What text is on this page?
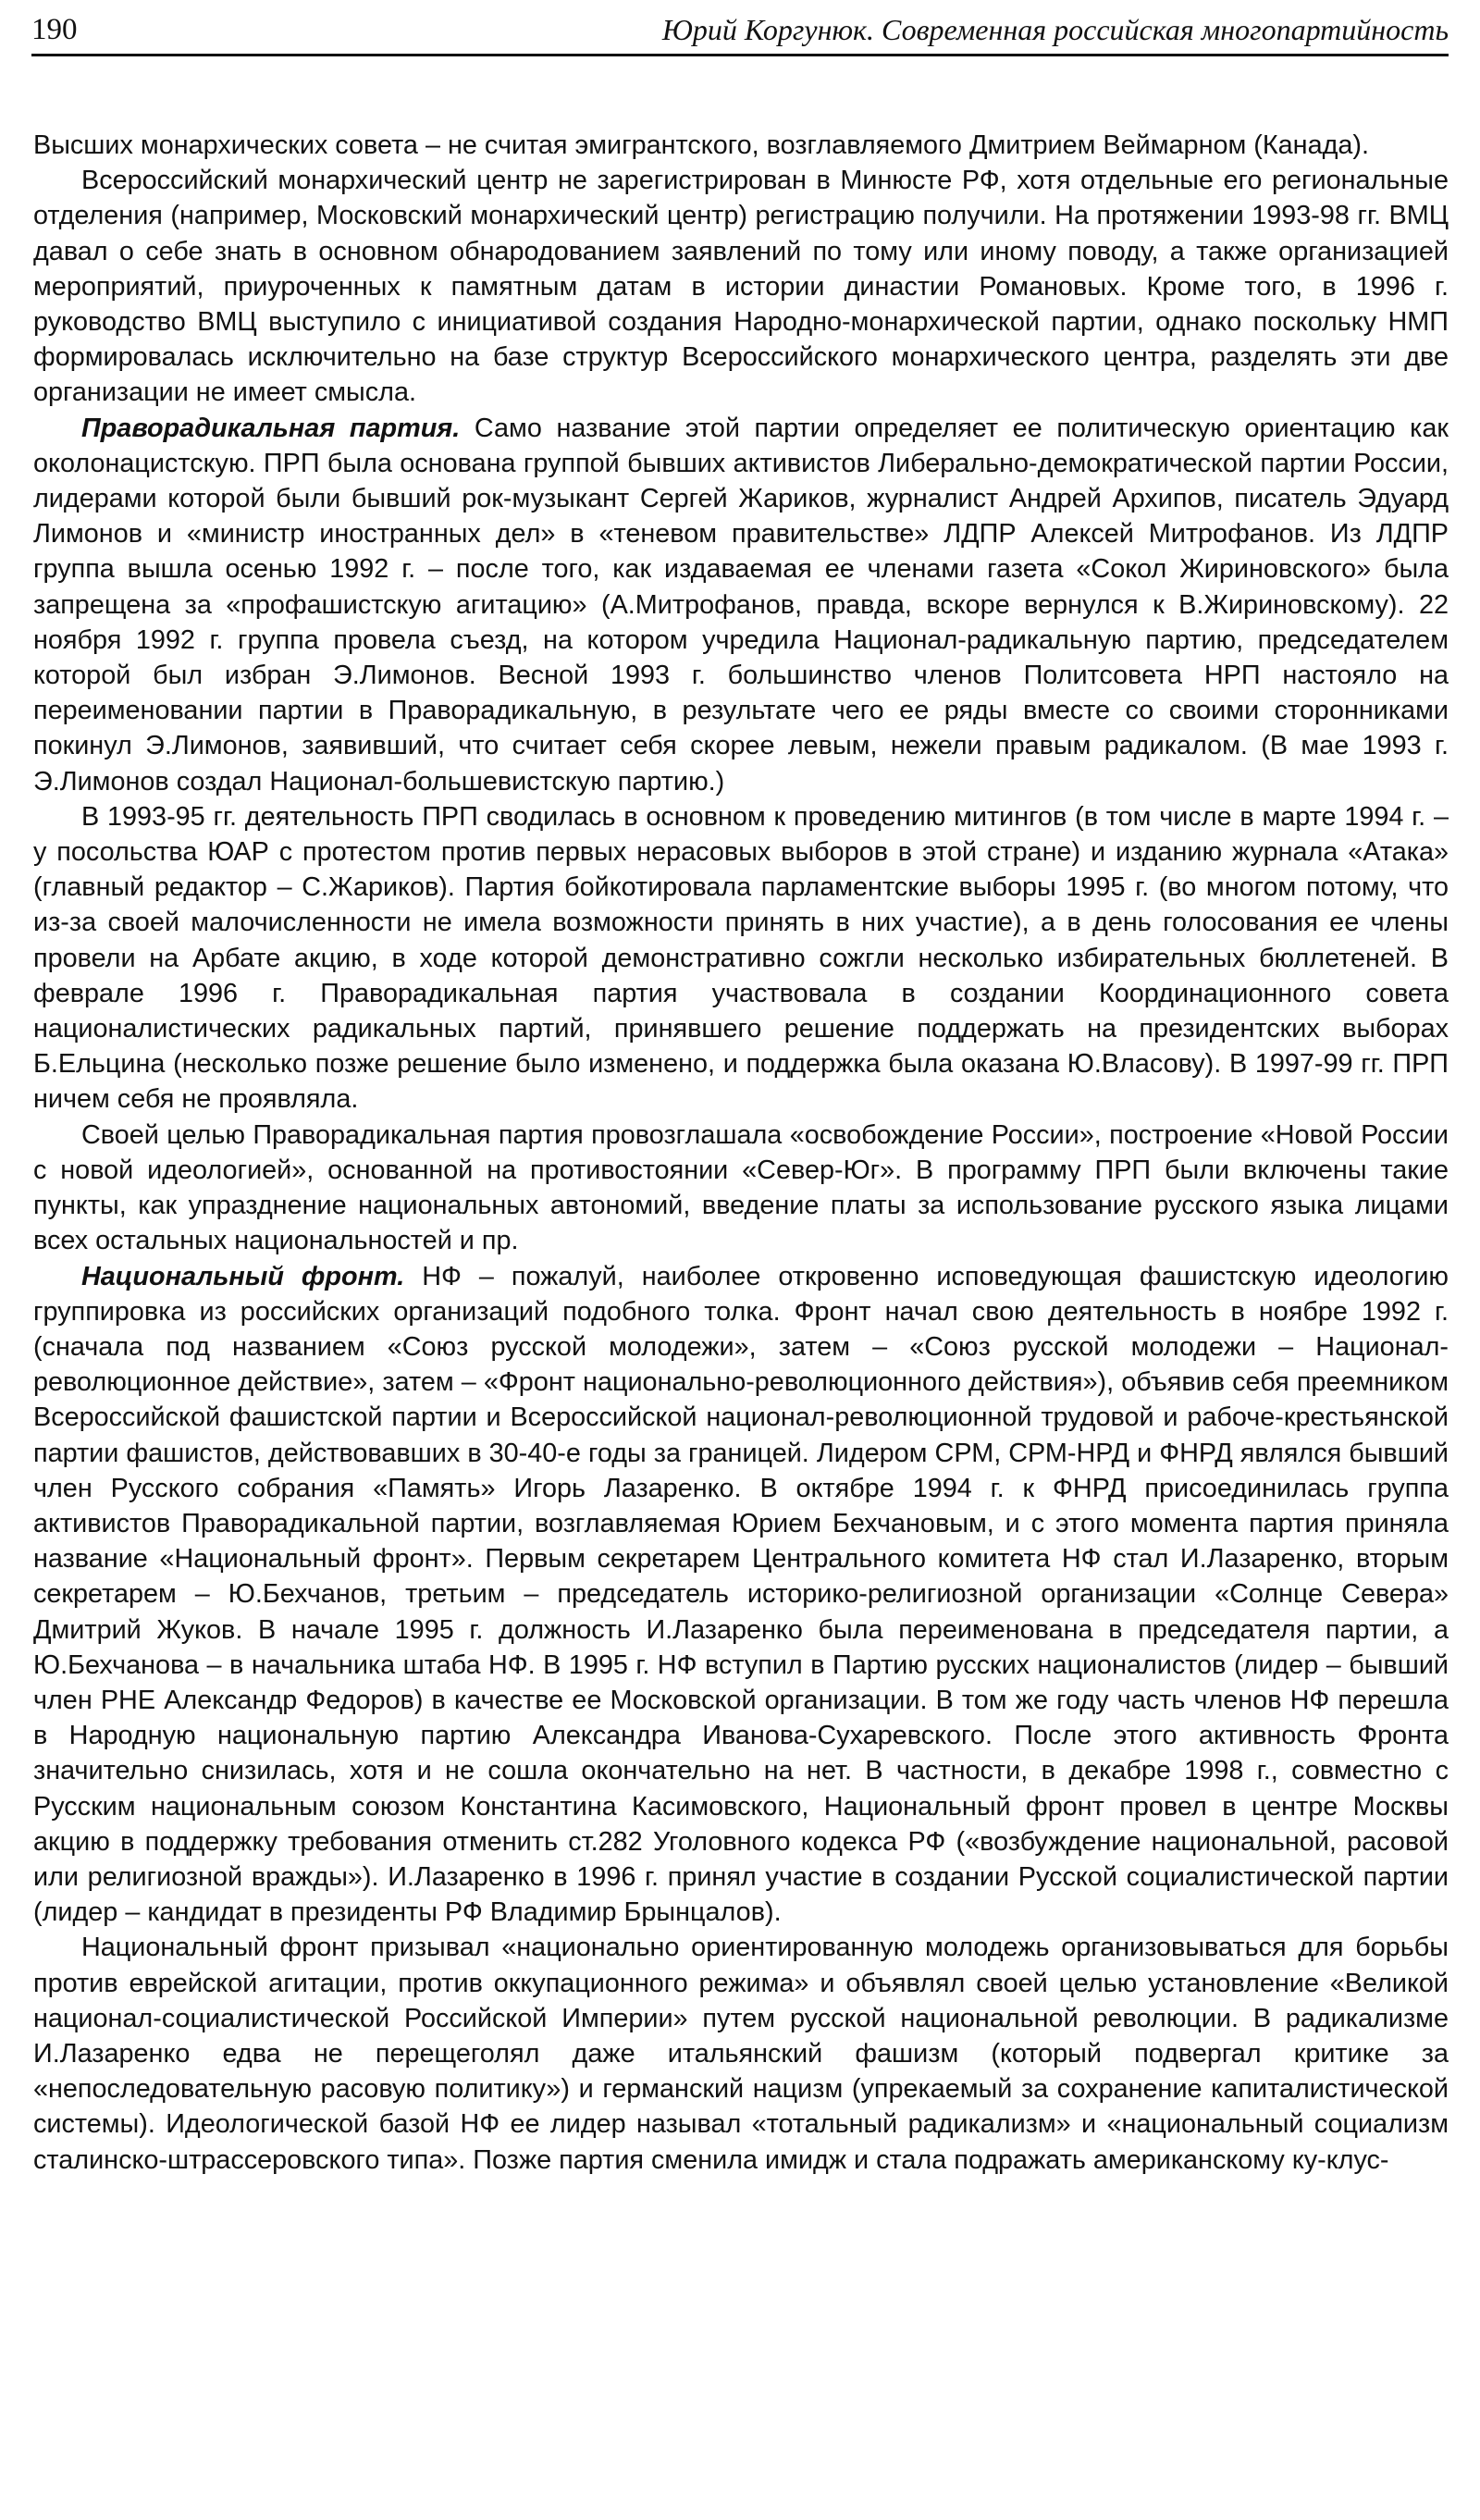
190	Юрий Коргунюк. Современная российская многопартийность

Высших монархических совета – не считая эмигрантского, возглавляемого Дмитрием Веймарном (Канада).

Всероссийский монархический центр не зарегистрирован в Минюсте РФ, хотя отдельные его региональные отделения (например, Московский монархический центр) регистрацию получили. На протяжении 1993-98 гг. ВМЦ давал о себе знать в основном обнародованием заявлений по тому или иному поводу, а также организацией мероприятий, приуроченных к памятным датам в истории династии Романовых. Кроме того, в 1996 г. руководство ВМЦ выступило с инициативой создания Народно-монархической партии, однако поскольку НМП формировалась исключительно на базе структур Всероссийского монархического центра, разделять эти две организации не имеет смысла.

Праворадикальная партия. Само название этой партии определяет ее политическую ориентацию как околонацистскую. ПРП была основана группой бывших активистов Либерально-демократической партии России, лидерами которой были бывший рок-музыкант Сергей Жариков, журналист Андрей Архипов, писатель Эдуард Лимонов и «министр иностранных дел» в «теневом правительстве» ЛДПР Алексей Митрофанов. Из ЛДПР группа вышла осенью 1992 г. – после того, как издаваемая ее членами газета «Сокол Жириновского» была запрещена за «профашистскую агитацию» (А.Митрофанов, правда, вскоре вернулся к В.Жириновскому). 22 ноября 1992 г. группа провела съезд, на котором учредила Национал-радикальную партию, председателем которой был избран Э.Лимонов. Весной 1993 г. большинство членов Политсовета НРП настояло на переименовании партии в Праворадикальную, в результате чего ее ряды вместе со своими сторонниками покинул Э.Лимонов, заявивший, что считает себя скорее левым, нежели правым радикалом. (В мае 1993 г. Э.Лимонов создал Национал-большевистскую партию.)

В 1993-95 гг. деятельность ПРП сводилась в основном к проведению митингов (в том числе в марте 1994 г. – у посольства ЮАР с протестом против первых нерасовых выборов в этой стране) и изданию журнала «Атака» (главный редактор – С.Жариков). Партия бойкотировала парламентские выборы 1995 г. (во многом потому, что из-за своей малочисленности не имела возможности принять в них участие), а в день голосования ее члены провели на Арбате акцию, в ходе которой демонстративно сожгли несколько избирательных бюллетеней. В феврале 1996 г. Праворадикальная партия участвовала в создании Координационного совета националистических радикальных партий, принявшего решение поддержать на президентских выборах Б.Ельцина (несколько позже решение было изменено, и поддержка была оказана Ю.Власову). В 1997-99 гг. ПРП ничем себя не проявляла.

Своей целью Праворадикальная партия провозглашала «освобождение России», построение «Новой России с новой идеологией», основанной на противостоянии «Север-Юг». В программу ПРП были включены такие пункты, как упразднение национальных автономий, введение платы за использование русского языка лицами всех остальных национальностей и пр.

Национальный фронт. НФ – пожалуй, наиболее откровенно исповедующая фашистскую идеологию группировка из российских организаций подобного толка. Фронт начал свою деятельность в ноябре 1992 г. (сначала под названием «Союз русской молодежи», затем – «Союз русской молодежи – Национал-революционное действие», затем – «Фронт национально-революционного действия»), объявив себя преемником Всероссийской фашистской партии и Всероссийской национал-революционной трудовой и рабоче-крестьянской партии фашистов, действовавших в 30-40-е годы за границей. Лидером СРМ, СРМ-НРД и ФНРД являлся бывший член Русского собрания «Память» Игорь Лазаренко. В октябре 1994 г. к ФНРД присоединилась группа активистов Праворадикальной партии, возглавляемая Юрием Бехчановым, и с этого момента партия приняла название «Национальный фронт». Первым секретарем Центрального комитета НФ стал И.Лазаренко, вторым секретарем – Ю.Бехчанов, третьим – председатель историко-религиозной организации «Солнце Севера» Дмитрий Жуков. В начале 1995 г. должность И.Лазаренко была переименована в председателя партии, а Ю.Бехчанова – в начальника штаба НФ. В 1995 г. НФ вступил в Партию русских националистов (лидер – бывший член РНЕ Александр Федоров) в качестве ее Московской организации. В том же году часть членов НФ перешла в Народную национальную партию Александра Иванова-Сухаревского. После этого активность Фронта значительно снизилась, хотя и не сошла окончательно на нет. В частности, в декабре 1998 г., совместно с Русским национальным союзом Константина Касимовского, Национальный фронт провел в центре Москвы акцию в поддержку требования отменить ст.282 Уголовного кодекса РФ («возбуждение национальной, расовой или религиозной вражды»). И.Лазаренко в 1996 г. принял участие в создании Русской социалистической партии (лидер – кандидат в президенты РФ Владимир Брынцалов).

Национальный фронт призывал «национально ориентированную молодежь организовываться для борьбы против еврейской агитации, против оккупационного режима» и объявлял своей целью установление «Великой национал-социалистической Российской Империи» путем русской национальной революции. В радикализме И.Лазаренко едва не перещеголял даже итальянский фашизм (который подвергал критике за «непоследовательную расовую политику») и германский нацизм (упрекаемый за сохранение капиталистической системы). Идеологической базой НФ ее лидер называл «тотальный радикализм» и «национальный социализм сталинско-штрассеровского типа». Позже партия сменила имидж и стала подражать американскому ку-клус-
